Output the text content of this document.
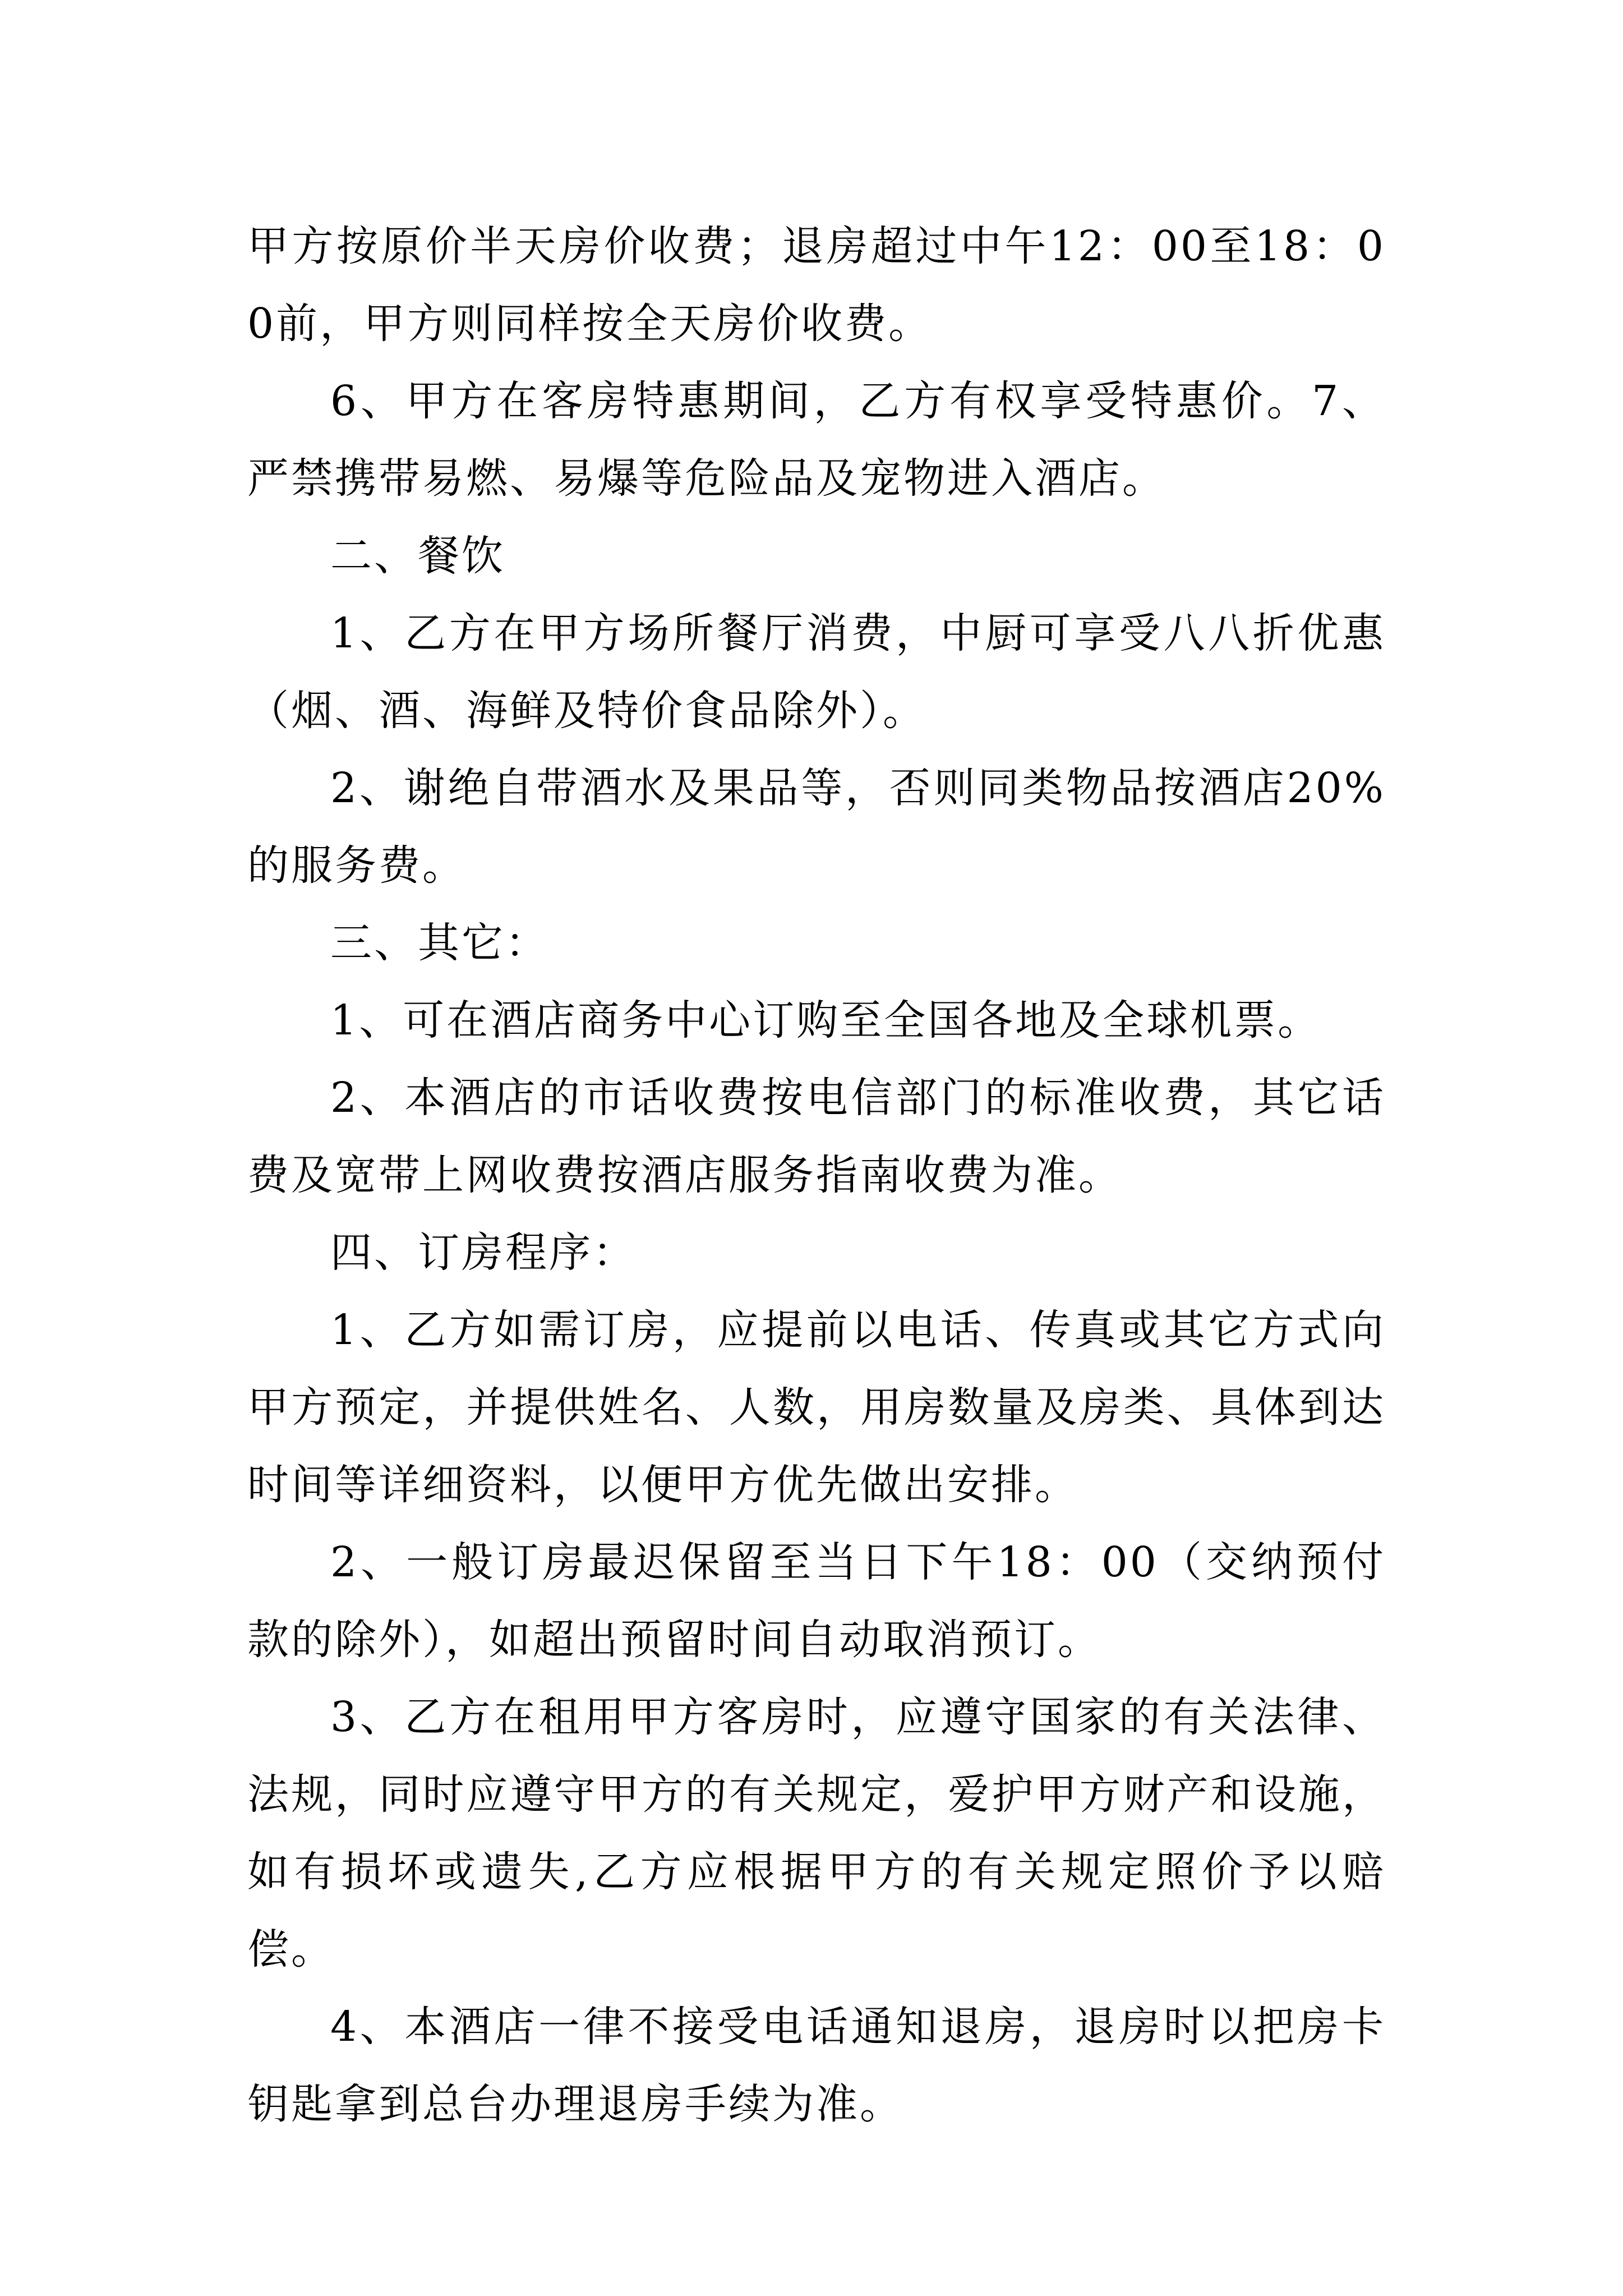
甲方按原价半天房价收费；退房超过中午12：00至18：00前，甲方则同样按全天房价收费。

6、甲方在客房特惠期间，乙方有权享受特惠价。7、严禁携带易燃、易爆等危险品及宠物进入酒店。

二、餐饮

1、乙方在甲方场所餐厅消费，中厨可享受八八折优惠（烟、酒、海鲜及特价食品除外）。

2、谢绝自带酒水及果品等，否则同类物品按酒店20%的服务费。

三、其它：

1、可在酒店商务中心订购至全国各地及全球机票。

2、本酒店的市话收费按电信部门的标准收费，其它话费及宽带上网收费按酒店服务指南收费为准。

四、订房程序：

1、乙方如需订房，应提前以电话、传真或其它方式向甲方预定，并提供姓名、人数，用房数量及房类、具体到达时间等详细资料，以便甲方优先做出安排。

2、一般订房最迟保留至当日下午18：00（交纳预付款的除外），如超出预留时间自动取消预订。

3、乙方在租用甲方客房时，应遵守国家的有关法律、法规，同时应遵守甲方的有关规定，爱护甲方财产和设施，如有损坏或遗失,乙方应根据甲方的有关规定照价予以赔偿。

4、本酒店一律不接受电话通知退房，退房时以把房卡钥匙拿到总台办理退房手续为准。
